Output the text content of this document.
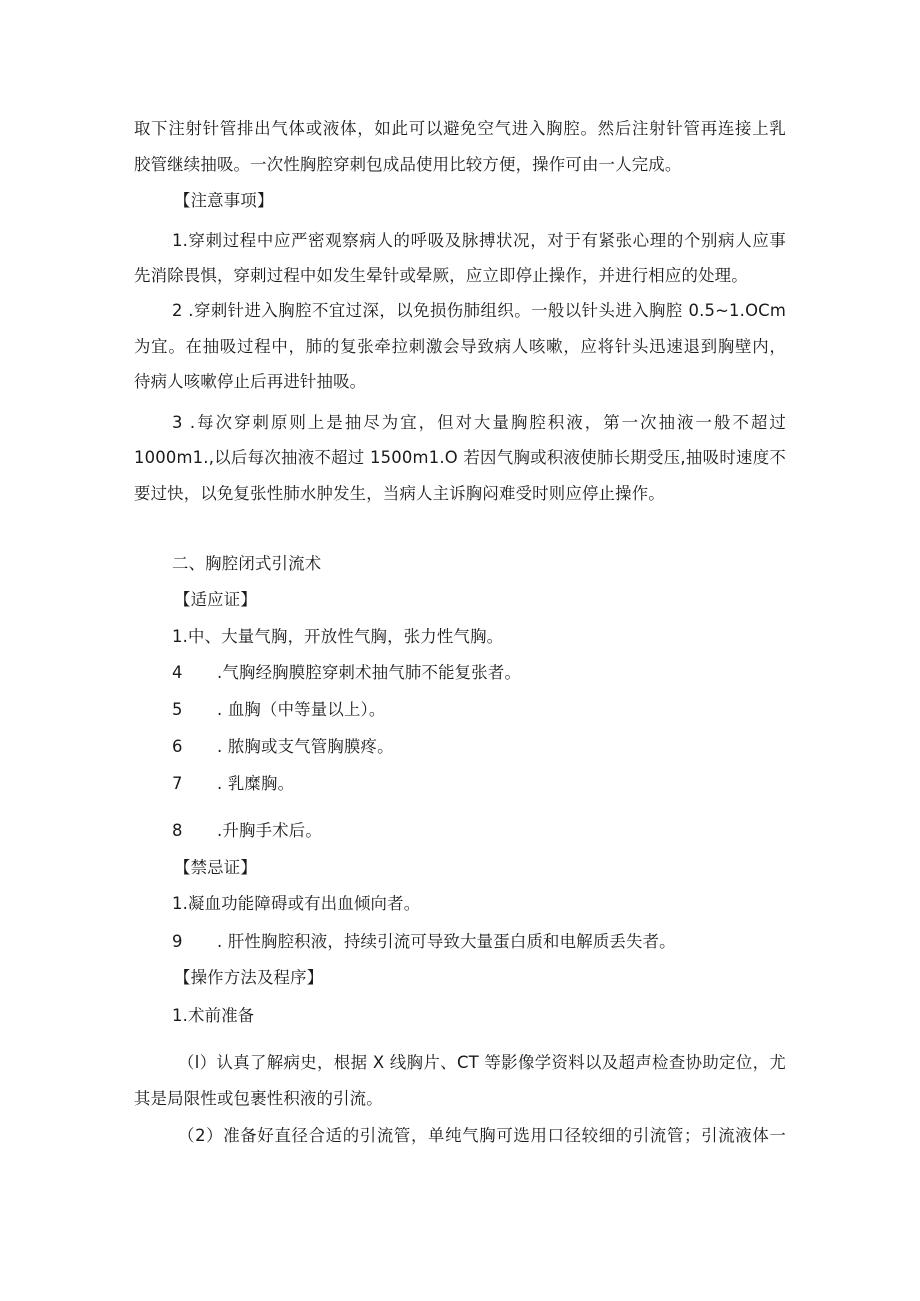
取下注射针管排出气体或液体，如此可以避免空气进入胸腔。然后注射针管再连接上乳
胶管继续抽吸。一次性胸腔穿刺包成品使用比较方便，操作可由一人完成。
【注意事项】
1.穿刺过程中应严密观察病人的呼吸及脉搏状况，对于有紧张心理的个别病人应事
先消除畏惧，穿刺过程中如发生晕针或晕厥，应立即停止操作，并进行相应的处理。
2 .穿刺针进入胸腔不宜过深，以免损伤肺组织。一般以针头进入胸腔 0.5~1.OCm
为宜。在抽吸过程中，肺的复张牵拉刺激会导致病人咳嗽，应将针头迅速退到胸壁内，
待病人咳嗽停止后再进针抽吸。
3 .每次穿刺原则上是抽尽为宜，但对大量胸腔积液，第一次抽液一般不超过
1000m1.,以后每次抽液不超过 1500m1.O 若因气胸或积液使肺长期受压,抽吸时速度不
要过快，以免复张性肺水肿发生，当病人主诉胸闷难受时则应停止操作。
二、胸腔闭式引流术
【适应证】
1.中、大量气胸，开放性气胸，张力性气胸。
4 .气胸经胸膜腔穿刺术抽气肺不能复张者。
5 . 血胸（中等量以上）。
6 . 脓胸或支气管胸膜疼。
7 . 乳糜胸。
8 .升胸手术后。
【禁忌证】
1.凝血功能障碍或有出血倾向者。
9 . 肝性胸腔积液，持续引流可导致大量蛋白质和电解质丢失者。
【操作方法及程序】
1.术前准备
（l）认真了解病史，根据 X 线胸片、CT 等影像学资料以及超声检查协助定位，尤
其是局限性或包裹性积液的引流。
（2）准备好直径合适的引流管，单纯气胸可选用口径较细的引流管；引流液体一
